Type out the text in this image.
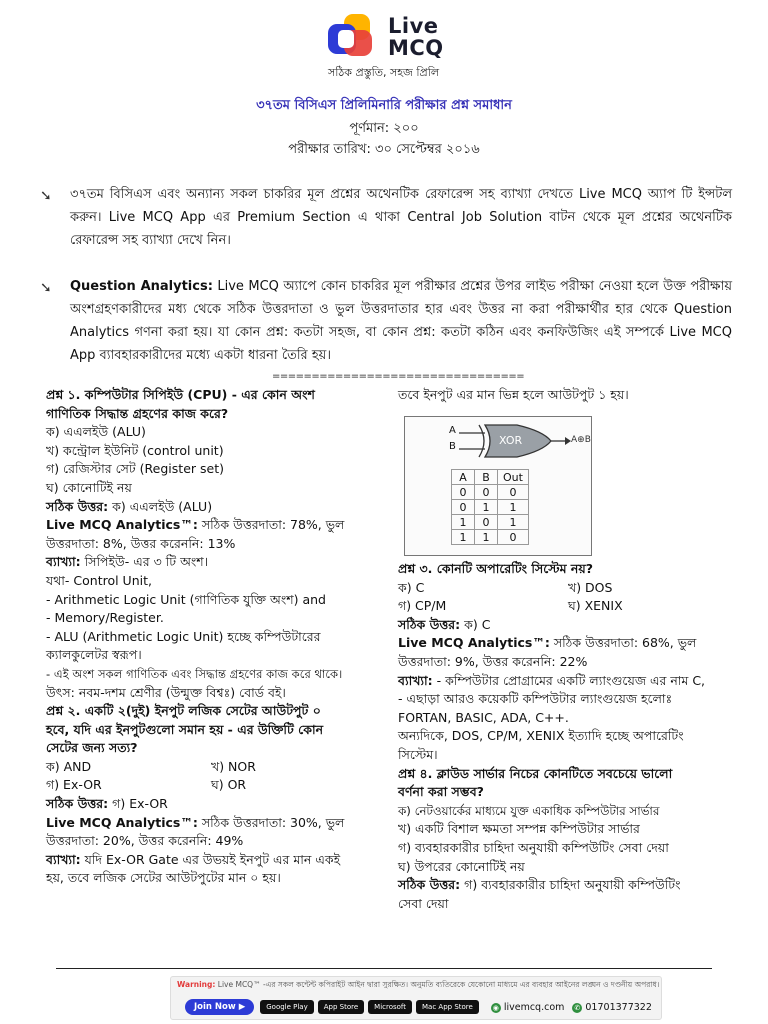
Live
MCQ
সঠিক প্রস্তুতি, সহজ প্রিলি
৩৭তম বিসিএস প্রিলিমিনারি পরীক্ষার প্রশ্ন সমাধান
পূর্ণমান: ২০০
পরীক্ষার তারিখ: ৩০ সেপ্টেম্বর ২০১৬
➘	৩৭তম বিসিএস এবং অন্যান্য সকল চাকরির মূল প্রশ্নের অথেনটিক রেফারেন্স সহ ব্যাখ্যা দেখতে Live MCQ অ্যাপ টি ইন্সটল করুন। Live MCQ App এর Premium Section এ থাকা Central Job Solution বাটন থেকে মূল প্রশ্নের অথেনটিক রেফারেন্স সহ ব্যাখ্যা দেখে নিন।
➘	Question Analytics: Live MCQ অ্যাপে কোন চাকরির মূল পরীক্ষার প্রশ্নের উপর লাইভ পরীক্ষা নেওয়া হলে উক্ত পরীক্ষায় অংশগ্রহণকারীদের মধ্য থেকে সঠিক উত্তরদাতা ও ভুল উত্তরদাতার হার এবং উত্তর না করা পরীক্ষার্থীর হার থেকে Question Analytics গণনা করা হয়। যা কোন প্রশ্ন: কতটা সহজ, বা কোন প্রশ্ন: কতটা কঠিন এবং কনফিউজিং এই সম্পর্কে Live MCQ App ব্যাবহারকারীদের মধ্যে একটা ধারনা তৈরি হয়।
================================
প্রশ্ন ১. কম্পিউটার সিপিইউ (CPU) - এর কোন অংশ
গাণিতিক সিদ্ধান্ত গ্রহণের কাজ করে?
ক) এএলইউ (ALU)
খ) কন্ট্রোল ইউনিট (control unit)
গ) রেজিস্টার সেট (Register set)
ঘ) কোনোটিই নয়
সঠিক উত্তর: ক) এএলইউ (ALU)
Live MCQ Analytics™: সঠিক উত্তরদাতা: 78%, ভুল
উত্তরদাতা: 8%, উত্তর করেননি: 13%
ব্যাখ্যা: সিপিইউ- এর ৩ টি অংশ।
যথা- Control Unit,
- Arithmetic Logic Unit (গাণিতিক যুক্তি অংশ) and
- Memory/Register.
- ALU (Arithmetic Logic Unit) হচ্ছে কম্পিউটারের
ক্যালকুলেটর স্বরূপ।
- এই অংশ সকল গাণিতিক এবং সিদ্ধান্ত গ্রহণের কাজ করে থাকে।
উৎস: নবম-দশম শ্রেণীর (উন্মুক্ত বিশ্বঃ) বোর্ড বই।
প্রশ্ন ২. একটি ২(দুই) ইনপুট লজিক সেটের আউটপুট ০
হবে, যদি এর ইনপুটগুলো সমান হয় - এর উক্তিটি কোন
সেটের জন্য সত্য?
ক) AND	খ) NOR
গ) Ex-OR	ঘ) OR
সঠিক উত্তর: গ) Ex-OR
Live MCQ Analytics™: সঠিক উত্তরদাতা: 30%, ভুল
উত্তরদাতা: 20%, উত্তর করেননি: 49%
ব্যাখ্যা: যদি Ex-OR Gate এর উভয়ই ইনপুট এর মান একই
হয়, তবে লজিক সেটের আউটপুটের মান ০ হয়।
তবে ইনপুট এর মান ভিন্ন হলে আউটপুট ১ হয়।
A
B	XOR	A⊕B
A	B	Out
0	0	0
0	1	1
1	0	1
1	1	0
প্রশ্ন ৩. কোনটি অপারেটিং সিস্টেম নয়?
ক) C	খ) DOS
গ) CP/M	ঘ) XENIX
সঠিক উত্তর: ক) C
Live MCQ Analytics™: সঠিক উত্তরদাতা: 68%, ভুল
উত্তরদাতা: 9%, উত্তর করেননি: 22%
ব্যাখ্যা: - কম্পিউটার প্রোগ্রামের একটি ল্যাংগুয়েজ এর নাম C,
- এছাড়া আরও কয়েকটি কম্পিউটার ল্যাংগুয়েজ হলোঃ
FORTAN, BASIC, ADA, C++.
অন্যদিকে, DOS, CP/M, XENIX ইত্যাদি হচ্ছে অপারেটিং
সিস্টেম।
প্রশ্ন ৪. ক্লাউড সার্ভার নিচের কোনটিতে সবচেয়ে ভালো
বর্ণনা করা সম্ভব?
ক) নেটওয়ার্কের মাধ্যমে যুক্ত একাধিক কম্পিউটার সার্ভার
খ) একটি বিশাল ক্ষমতা সম্পন্ন কম্পিউটার সার্ভার
গ) ব্যবহারকারীর চাহিদা অনুযায়ী কম্পিউটিং সেবা দেয়া
ঘ) উপরের কোনোটিই নয়
সঠিক উত্তর: গ) ব্যবহারকারীর চাহিদা অনুযায়ী কম্পিউটিং
সেবা দেয়া
Warning: Live MCQ™ -এর সকল কন্টেন্ট কপিরাইট আইন দ্বারা সুরক্ষিত। অনুমতি ব্যতিরেকে যেকোনো মাধ্যমে এর ব্যবহার আইনের লঙ্ঘন ও দণ্ডনীয় অপরাধ।
Join Now ▶	Google Play	App Store	Microsoft	Mac App Store	◉ livemcq.com ✆ 01701377322
